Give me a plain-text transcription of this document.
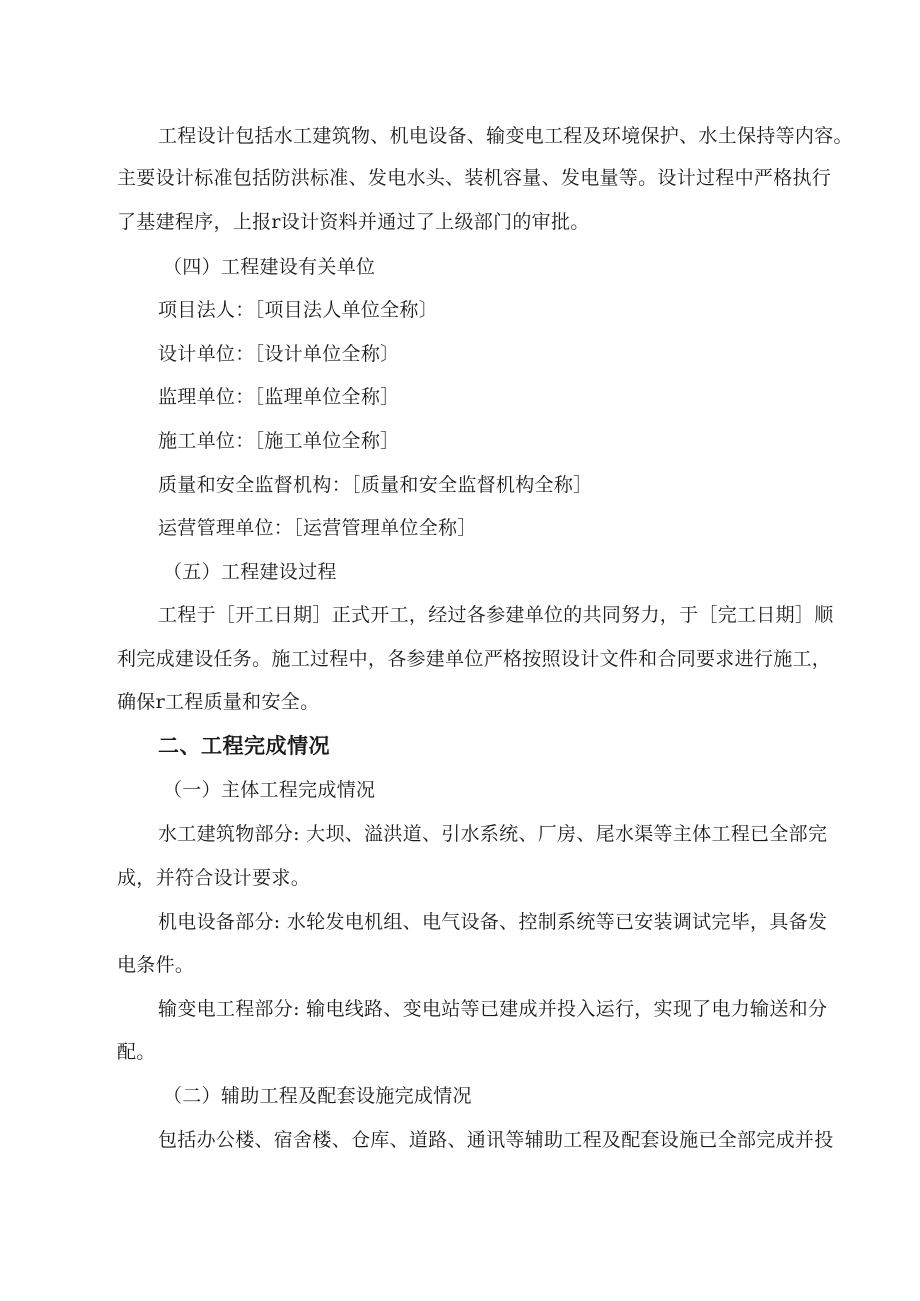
工程设计包括水工建筑物、机电设备、输变电工程及环境保护、水土保持等内容。
主要设计标准包括防洪标准、发电水头、装机容量、发电量等。设计过程中严格执行
了基建程序，上报r设计资料并通过了上级部门的审批。
（四）工程建设有关单位
项目法人：［项目法人单位全称〕
设计单位：［设计单位全称〕
监理单位：［监理单位全称］
施工单位：［施工单位全称］
质量和安全监督机构：［质量和安全监督机构全称］
运营管理单位：［运营管理单位全称］
（五）工程建设过程
工程于［开工日期］正式开工，经过各参建单位的共同努力，于［完工日期］顺
利完成建设任务。施工过程中，各参建单位严格按照设计文件和合同要求进行施工，
确保r工程质量和安全。
二、工程完成情况
（一）主体工程完成情况
水工建筑物部分: 大坝、溢洪道、引水系统、厂房、尾水渠等主体工程已全部完
成，并符合设计要求。
机电设备部分: 水轮发电机组、电气设备、控制系统等已安装调试完毕，具备发
电条件。
输变电工程部分: 输电线路、变电站等已建成并投入运行，实现了电力输送和分
配。
（二）辅助工程及配套设施完成情况
包括办公楼、宿舍楼、仓库、道路、通讯等辅助工程及配套设施已全部完成并投
